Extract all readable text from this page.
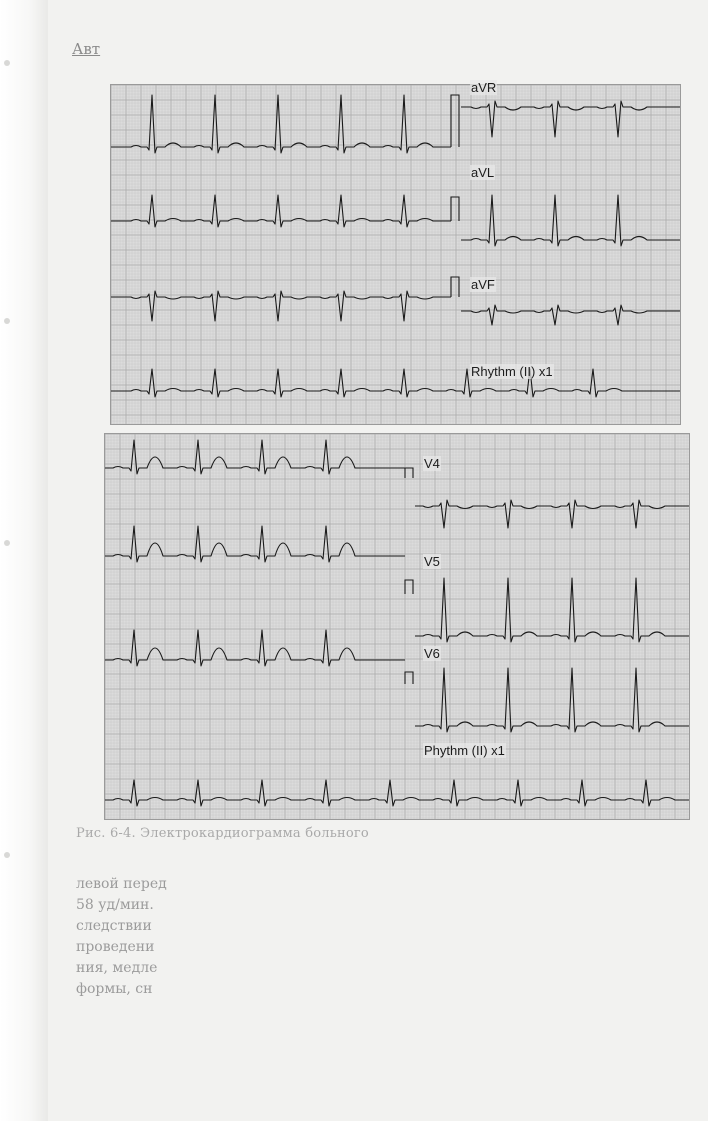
Авт
aVR
aVL
aVF
Rhythm (II) x1
V4
V5
V6
Phythm (II) x1
Рис. 6-4. Электрокардиограмма больного
левой перед
58 уд/мин.
следствии
проведени
ния, медле
формы, сн
